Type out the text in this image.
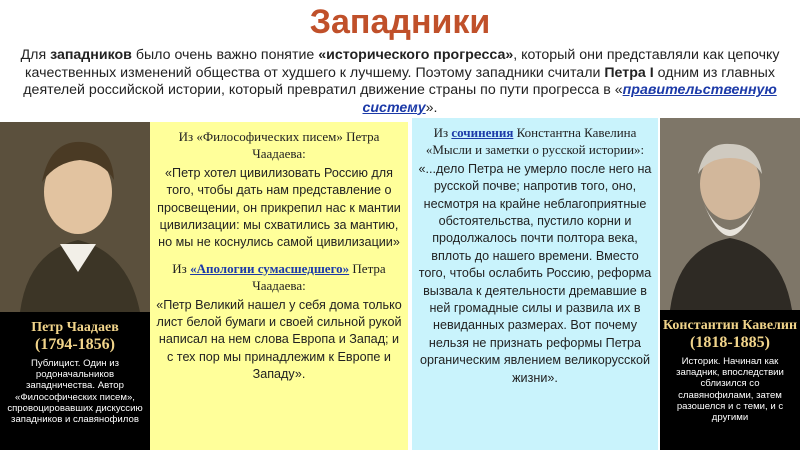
Западники
Для западников было очень важно понятие «исторического прогресса», который они представляли как цепочку качественных изменений общества от худшего к лучшему. Поэтому западники считали Петра I одним из главных деятелей российской истории, который превратил движение страны по пути прогресса в «правительственную систему».
Петр Чаадаев
(1794-1856)
Публицист. Один из родоначальников западничества. Автор «Философических писем», спровоцировавших дискуссию западников и славянофилов
Из «Философических писем» Петра Чаадаева:
«Петр хотел цивилизовать Россию для того, чтобы дать нам представление о просвещении, он прикрепил нас к мантии цивилизации: мы схватились за мантию, но мы не коснулись самой цивилизации»
Из «Апологии сумасшедшего» Петра Чаадаева:
«Петр Великий нашел у себя дома только лист белой бумаги и своей сильной рукой написал на нем слова Европа и Запад; и с тех пор мы принадлежим к Европе и Западу».
Из сочинения Константна Кавелина «Мысли и заметки о русской истории»:
«...дело Петра не умерло после него на русской почве; напротив того, оно, несмотря на крайне неблагоприятные обстоятельства, пустило корни и продолжалось почти полтора века, вплоть до нашего времени. Вместо того, чтобы ослабить Россию, реформа вызвала к деятельности дремавшие в ней громадные силы и развила их в невиданных размерах. Вот почему нельзя не признать реформы Петра органическим явлением великорусской жизни».
Константин Кавелин
(1818-1885)
Историк. Начинал как западник, впоследствии сблизился со славянофилами, затем разошелся и с теми, и с другими
